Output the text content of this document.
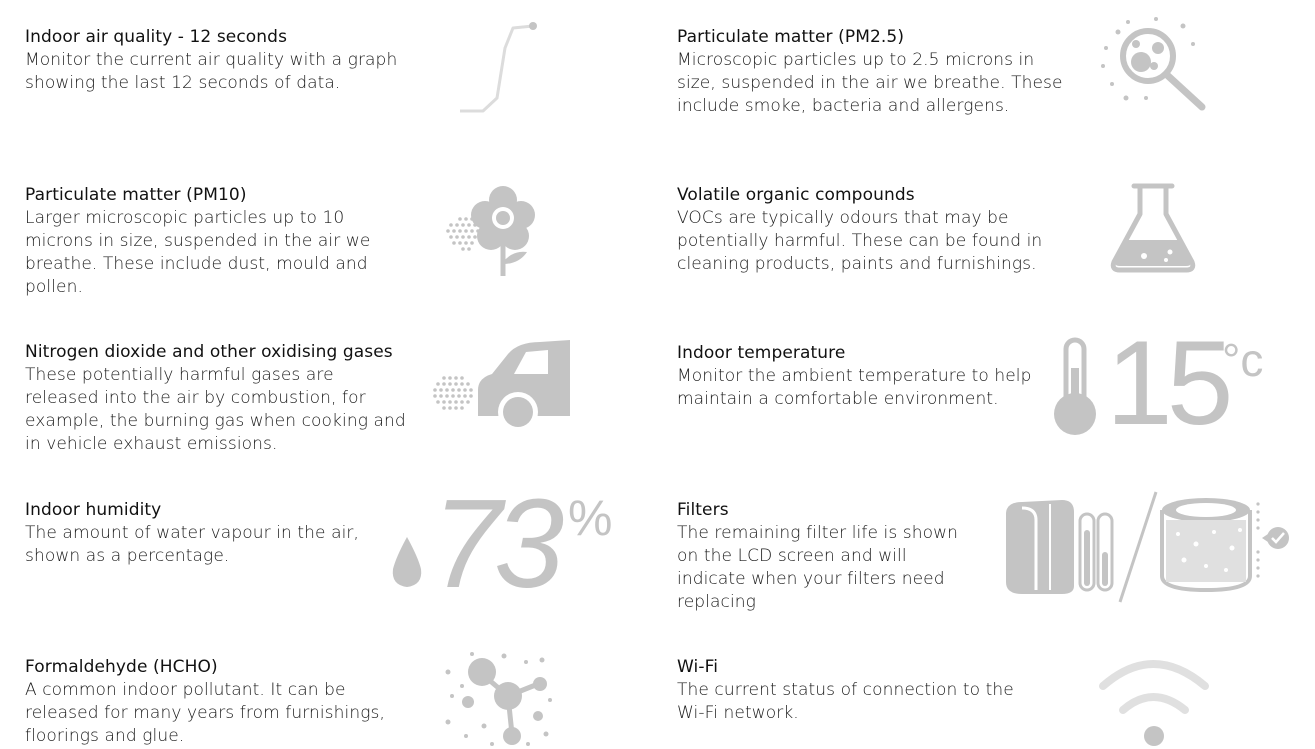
Indoor air quality - 12 seconds

Monitor the current air quality with a graph showing the last 12 seconds of data.

Particulate matter (PM2.5)

Microscopic particles up to 2.5 microns in size, suspended in the air we breathe. These include smoke, bacteria and allergens.

Particulate matter (PM10)

Larger microscopic particles up to 10 microns in size, suspended in the air we breathe. These include dust, mould and pollen.

Volatile organic compounds

VOCs are typically odours that may be potentially harmful. These can be found in cleaning products, paints and furnishings.

Nitrogen dioxide and other oxidising gases

These potentially harmful gases are released into the air by combustion, for example, the burning gas when cooking and in vehicle exhaust emissions.

Indoor temperature

Monitor the ambient temperature to help maintain a comfortable environment. 15
°c
Indoor humidity

The amount of water vapour in the air, shown as a percentage.	73 %	Filters

The remaining filter life is shown on the LCD screen and will indicate when your filters need replacing

Formaldehyde (HCHO)

A common indoor pollutant. It can be released for many years from furnishings, floorings and glue.

Wi-Fi

The current status of connection to the Wi-Fi network.
